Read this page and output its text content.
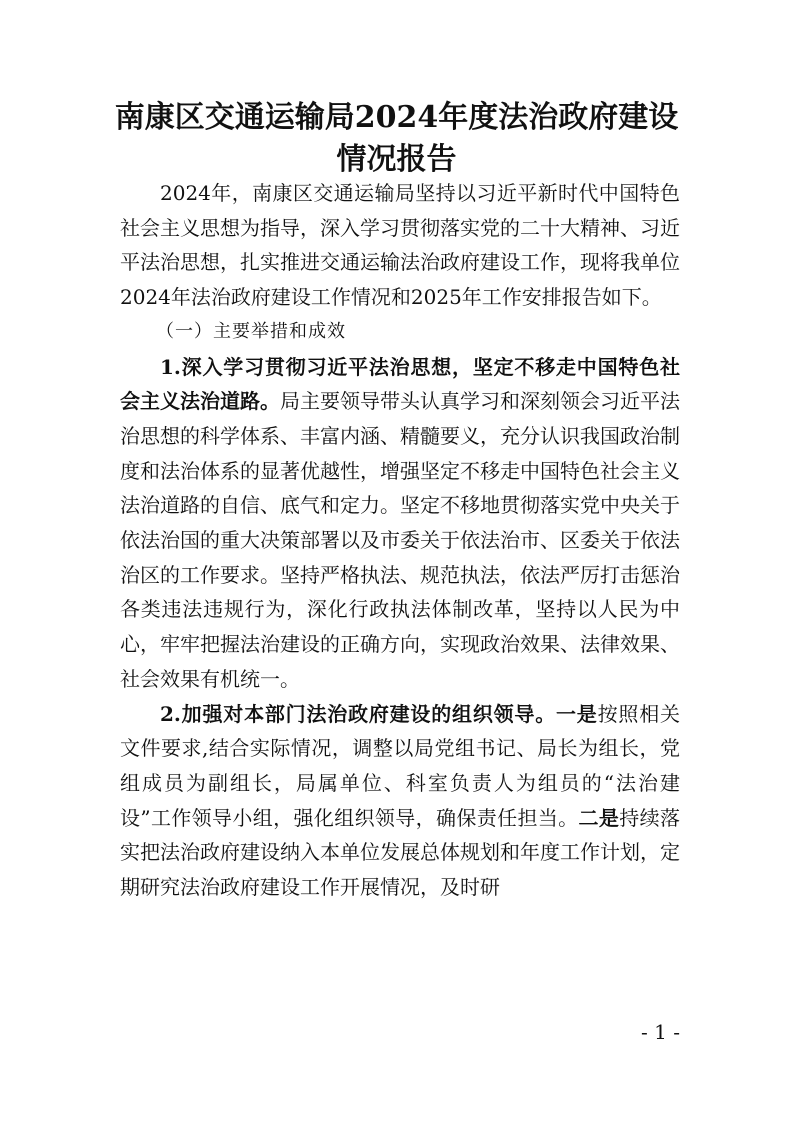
南康区交通运输局2024年度法治政府建设
情况报告

2024年，南康区交通运输局坚持以习近平新时代中国特色社会主义思想为指导，深入学习贯彻落实党的二十大精神、习近平法治思想，扎实推进交通运输法治政府建设工作，现将我单位2024年法治政府建设工作情况和2025年工作安排报告如下。

（一）主要举措和成效

1.深入学习贯彻习近平法治思想，坚定不移走中国特色社会主义法治道路。局主要领导带头认真学习和深刻领会习近平法治思想的科学体系、丰富内涵、精髓要义，充分认识我国政治制度和法治体系的显著优越性，增强坚定不移走中国特色社会主义法治道路的自信、底气和定力。坚定不移地贯彻落实党中央关于依法治国的重大决策部署以及市委关于依法治市、区委关于依法治区的工作要求。坚持严格执法、规范执法，依法严厉打击惩治各类违法违规行为，深化行政执法体制改革，坚持以人民为中心，牢牢把握法治建设的正确方向，实现政治效果、法律效果、社会效果有机统一。

2.加强对本部门法治政府建设的组织领导。一是按照相关文件要求,结合实际情况，调整以局党组书记、局长为组长，党组成员为副组长，局属单位、科室负责人为组员的“法治建设”工作领导小组，强化组织领导，确保责任担当。二是持续落实把法治政府建设纳入本单位发展总体规划和年度工作计划，定期研究法治政府建设工作开展情况，及时研

- 1 -
